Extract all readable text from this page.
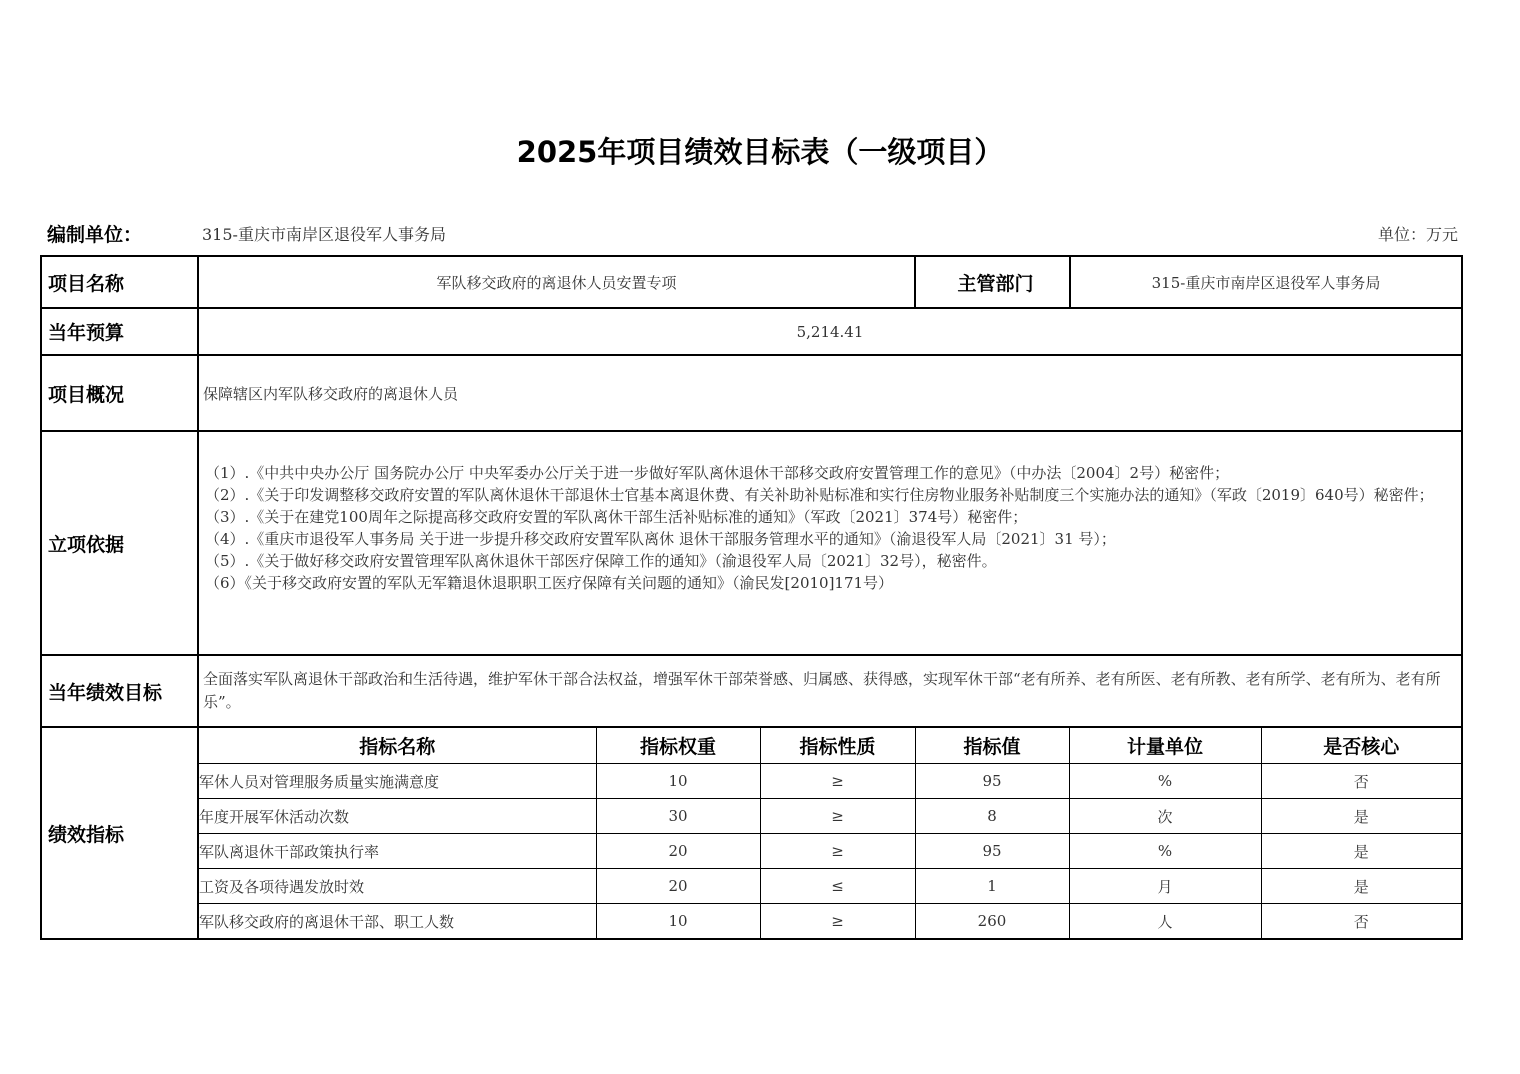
2025年项目绩效目标表（一级项目）
编制单位：	315-重庆市南岸区退役军人事务局	单位：万元
项目名称	军队移交政府的离退休人员安置专项	主管部门	315-重庆市南岸区退役军人事务局
当年预算	5,214.41
项目概况	保障辖区内军队移交政府的离退休人员
立项依据	
（1）.《中共中央办公厅 国务院办公厅 中央军委办公厅关于进一步做好军队离休退休干部移交政府安置管理工作的意见》（中办法〔2004〕2号）秘密件；
（2）.《关于印发调整移交政府安置的军队离休退休干部退休士官基本离退休费、有关补助补贴标准和实行住房物业服务补贴制度三个实施办法的通知》（军政〔2019〕640号）秘密件；
（3）.《关于在建党100周年之际提高移交政府安置的军队离休干部生活补贴标准的通知》（军政〔2021〕374号）秘密件；
（4）.《重庆市退役军人事务局 关于进一步提升移交政府安置军队离休 退休干部服务管理水平的通知》（渝退役军人局〔2021〕31 号）；
（5）.《关于做好移交政府安置管理军队离休退休干部医疗保障工作的通知》（渝退役军人局〔2021〕32号），秘密件。
（6）《关于移交政府安置的军队无军籍退休退职职工医疗保障有关问题的通知》（渝民发[2010]171号）

当年绩效目标	全面落实军队离退休干部政治和生活待遇，维护军休干部合法权益，增强军休干部荣誉感、归属感、获得感，实现军休干部“老有所养、老有所医、老有所教、老有所学、老有所为、老有所乐”。
绩效指标	
指标名称	指标权重	指标性质	指标值	计量单位	是否核心
军休人员对管理服务质量实施满意度	10	≥	95	%	否
年度开展军休活动次数	30	≥	8	次	是
军队离退休干部政策执行率	20	≥	95	%	是
工资及各项待遇发放时效	20	≤	1	月	是
军队移交政府的离退休干部、职工人数	10	≥	260	人	否
